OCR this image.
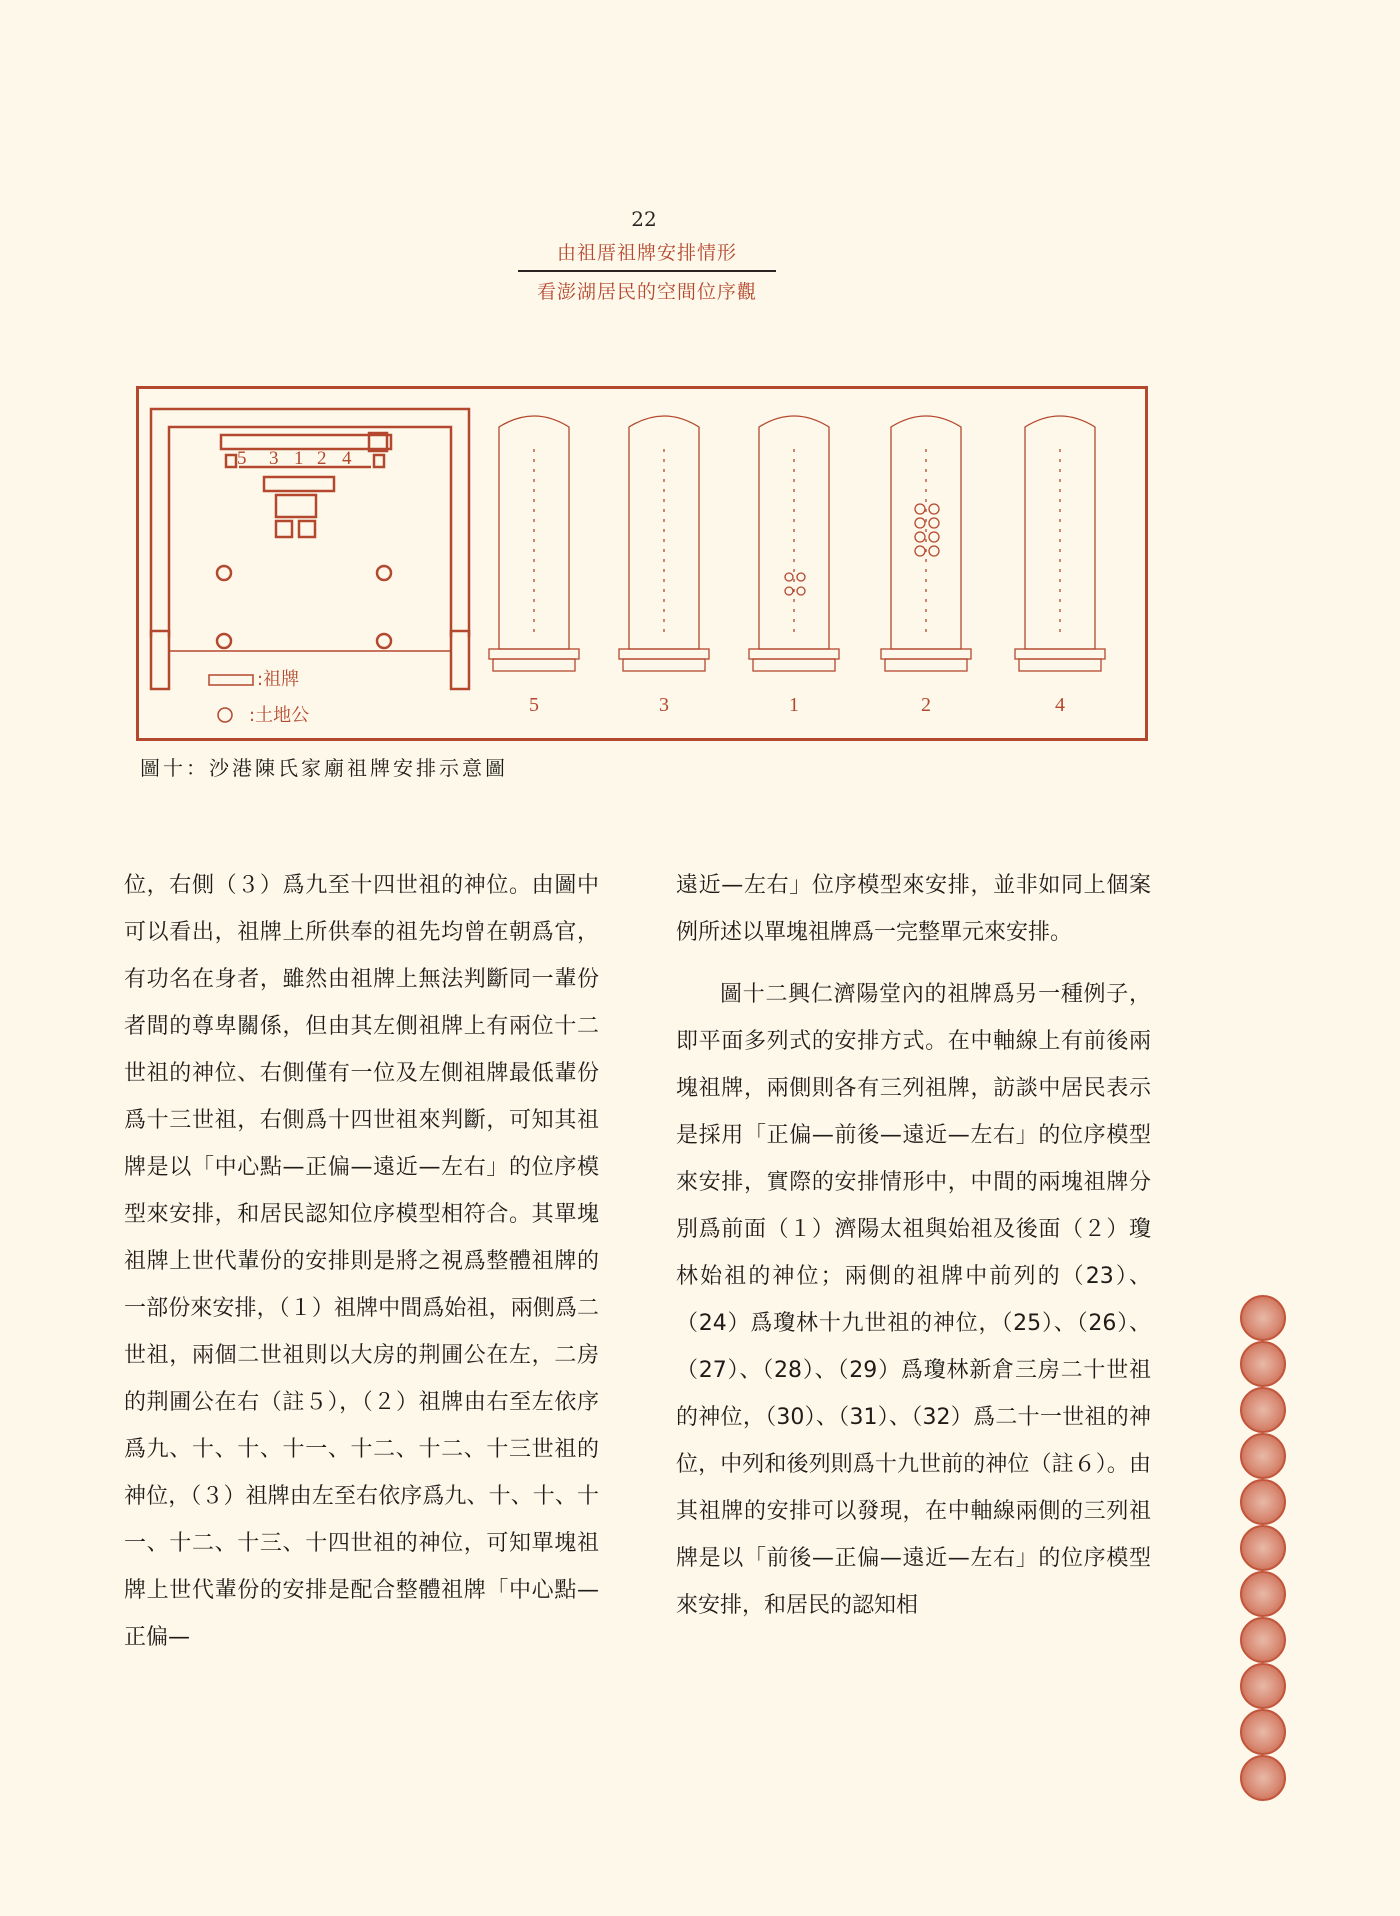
22
由祖厝祖牌安排情形
看澎湖居民的空間位序觀
5 3 1 2 4
:祖牌
:土地公	5	3	1	2	4
圖十：沙港陳氏家廟祖牌安排示意圖

位，右側（３）爲九至十四世祖的神位。由圖中可以看出，祖牌上所供奉的祖先均曾在朝爲官，有功名在身者，雖然由祖牌上無法判斷同一輩份者間的尊卑關係，但由其左側祖牌上有兩位十二世祖的神位、右側僅有一位及左側祖牌最低輩份爲十三世祖，右側爲十四世祖來判斷，可知其祖牌是以「中心點—正偏—遠近—左右」的位序模型來安排，和居民認知位序模型相符合。其單塊祖牌上世代輩份的安排則是將之視爲整體祖牌的一部份來安排，（１）祖牌中間爲始祖，兩側爲二世祖，兩個二世祖則以大房的荆圃公在左，二房的荆圃公在右（註５），（２）祖牌由右至左依序爲九、十、十、十一、十二、十二、十三世祖的神位，（３）祖牌由左至右依序爲九、十、十、十一、十二、十三、十四世祖的神位，可知單塊祖牌上世代輩份的安排是配合整體祖牌「中心點—正偏—

遠近—左右」位序模型來安排，並非如同上個案例所述以單塊祖牌爲一完整單元來安排。

圖十二興仁濟陽堂內的祖牌爲另一種例子，即平面多列式的安排方式。在中軸線上有前後兩塊祖牌，兩側則各有三列祖牌，訪談中居民表示是採用「正偏—前後—遠近—左右」的位序模型來安排，實際的安排情形中，中間的兩塊祖牌分別爲前面（１）濟陽太祖與始祖及後面（２）瓊林始祖的神位；兩側的祖牌中前列的（23）、（24）爲瓊林十九世祖的神位，（25）、（26）、（27）、（28）、（29）爲瓊林新倉三房二十世祖的神位，（30）、（31）、（32）爲二十一世祖的神位，中列和後列則爲十九世前的神位（註６）。由其祖牌的安排可以發現，在中軸線兩側的三列祖牌是以「前後—正偏—遠近—左右」的位序模型來安排，和居民的認知相
